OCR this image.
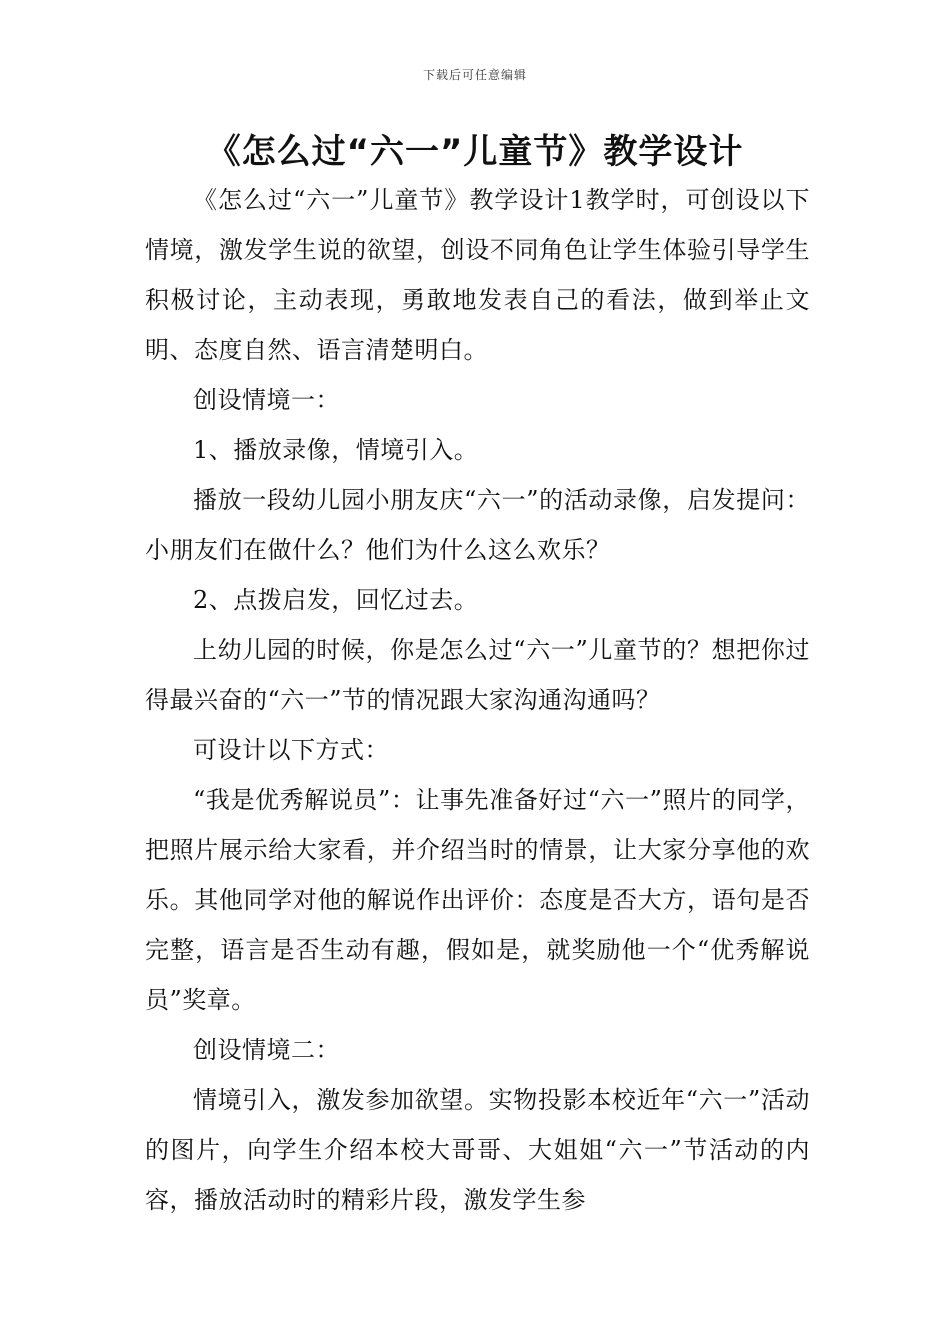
下载后可任意编辑
《怎么过“六一”儿童节》教学设计

《怎么过“六一”儿童节》教学设计1教学时，可创设以下情境，激发学生说的欲望，创设不同角色让学生体验引导学生积极讨论，主动表现，勇敢地发表自己的看法，做到举止文明、态度自然、语言清楚明白。

创设情境一：

1、播放录像，情境引入。

播放一段幼儿园小朋友庆“六一”的活动录像，启发提问：小朋友们在做什么？他们为什么这么欢乐？

2、点拨启发，回忆过去。

上幼儿园的时候，你是怎么过“六一”儿童节的？想把你过得最兴奋的“六一”节的情况跟大家沟通沟通吗？

可设计以下方式：

“我是优秀解说员”：让事先准备好过“六一”照片的同学，把照片展示给大家看，并介绍当时的情景，让大家分享他的欢乐。其他同学对他的解说作出评价：态度是否大方，语句是否完整，语言是否生动有趣，假如是，就奖励他一个“优秀解说员”奖章。

创设情境二：

情境引入，激发参加欲望。实物投影本校近年“六一”活动的图片，向学生介绍本校大哥哥、大姐姐“六一”节活动的内容，播放活动时的精彩片段，激发学生参
